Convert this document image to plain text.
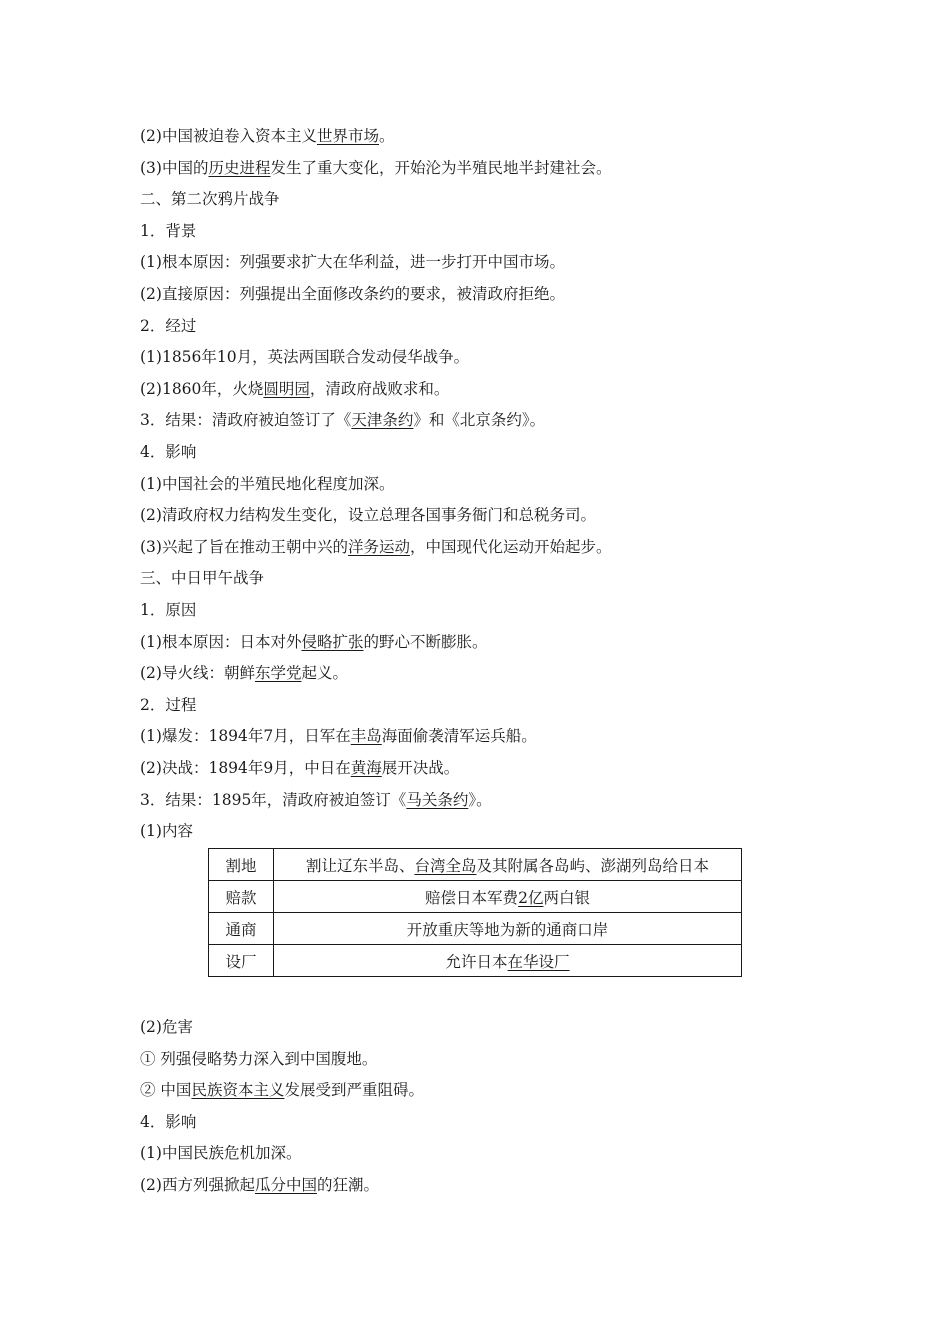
(2)中国被迫卷入资本主义世界市场。
(3)中国的历史进程发生了重大变化，开始沦为半殖民地半封建社会。
二、第二次鸦片战争
1．背景
(1)根本原因：列强要求扩大在华利益，进一步打开中国市场。
(2)直接原因：列强提出全面修改条约的要求，被清政府拒绝。
2．经过
(1)1856年10月，英法两国联合发动侵华战争。
(2)1860年，火烧圆明园，清政府战败求和。
3．结果：清政府被迫签订了《天津条约》和《北京条约》。
4．影响
(1)中国社会的半殖民地化程度加深。
(2)清政府权力结构发生变化，设立总理各国事务衙门和总税务司。
(3)兴起了旨在推动王朝中兴的洋务运动，中国现代化运动开始起步。
三、中日甲午战争
1．原因
(1)根本原因：日本对外侵略扩张的野心不断膨胀。
(2)导火线：朝鲜东学党起义。
2．过程
(1)爆发：1894年7月，日军在丰岛海面偷袭清军运兵船。
(2)决战：1894年9月，中日在黄海展开决战。
3．结果：1895年，清政府被迫签订《马关条约》。
(1)内容
割地	割让辽东半岛、台湾全岛及其附属各岛屿、澎湖列岛给日本
赔款	赔偿日本军费2亿两白银
通商	开放重庆等地为新的通商口岸
设厂	允许日本在华设厂
(2)危害
① 列强侵略势力深入到中国腹地。
② 中国民族资本主义发展受到严重阻碍。
4．影响
(1)中国民族危机加深。
(2)西方列强掀起瓜分中国的狂潮。
